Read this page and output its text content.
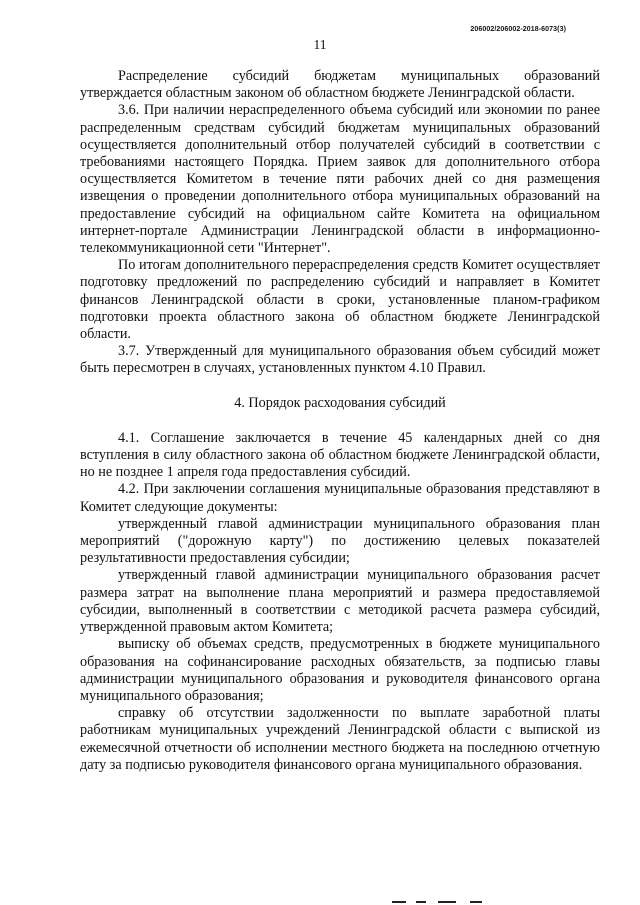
206002/206002-2018-6073(3)
11

Распределение субсидий бюджетам муниципальных образований утверждается областным законом об областном бюджете Ленинградской области.

3.6. При наличии нераспределенного объема субсидий или экономии по ранее распределенным средствам субсидий бюджетам муниципальных образований осуществляется дополнительный отбор получателей субсидий в соответствии с требованиями настоящего Порядка. Прием заявок для дополнительного отбора осуществляется Комитетом в течение пяти рабочих дней со дня размещения извещения о проведении дополнительного отбора муниципальных образований на предоставление субсидий на официальном сайте Комитета на официальном интернет-портале Администрации Ленинградской области в информационно-телекоммуникационной сети "Интернет".

По итогам дополнительного перераспределения средств Комитет осуществляет подготовку предложений по распределению субсидий и направляет в Комитет финансов Ленинградской области в сроки, установленные планом-графиком подготовки проекта областного закона об областном бюджете Ленинградской области.

3.7. Утвержденный для муниципального образования объем субсидий может быть пересмотрен в случаях, установленных пунктом 4.10 Правил.

4. Порядок расходования субсидий

4.1. Соглашение заключается в течение 45 календарных дней со дня вступления в силу областного закона об областном бюджете Ленинградской области, но не позднее 1 апреля года предоставления субсидий.

4.2. При заключении соглашения муниципальные образования представляют в Комитет следующие документы:

утвержденный главой администрации муниципального образования план мероприятий ("дорожную карту") по достижению целевых показателей результативности предоставления субсидии;

утвержденный главой администрации муниципального образования расчет размера затрат на выполнение плана мероприятий и размера предоставляемой субсидии, выполненный в соответствии с методикой расчета размера субсидий, утвержденной правовым актом Комитета;

выписку об объемах средств, предусмотренных в бюджете муниципального образования на софинансирование расходных обязательств, за подписью главы администрации муниципального образования и руководителя финансового органа муниципального образования;

справку об отсутствии задолженности по выплате заработной платы работникам муниципальных учреждений Ленинградской области с выпиской из ежемесячной отчетности об исполнении местного бюджета на последнюю отчетную дату за подписью руководителя финансового органа муниципального образования.
